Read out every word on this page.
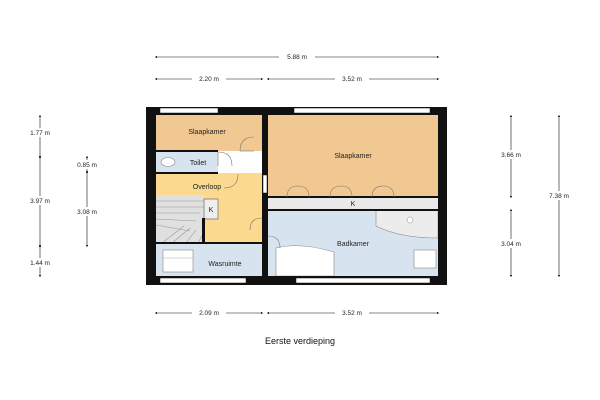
Slaapkamer
Toilet
Overloop
K
Wasruimte
Slaapkamer
K
Badkamer
5.88 m
2.20 m	3.52 m
2.09 m	3.52 m
1.77 m
3.97 m
1.44 m
0.85 m
3.08 m
3.66 m
3.04 m
7.38 m
Eerste verdieping
